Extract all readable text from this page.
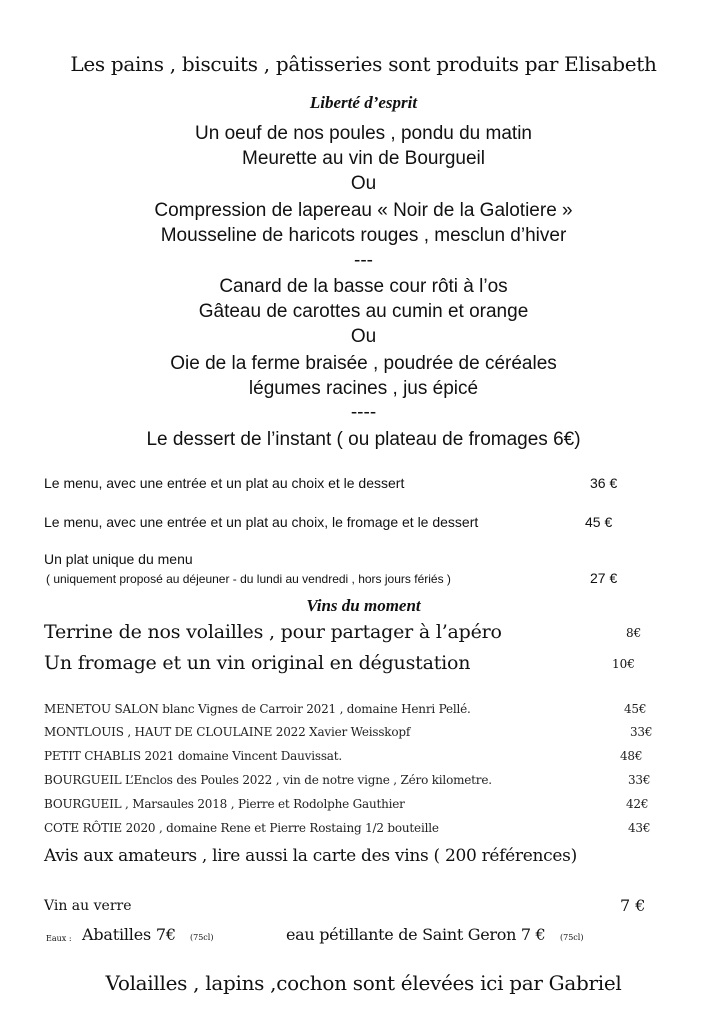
Les pains , biscuits , pâtisseries sont produits par Elisabeth
Liberté d’esprit
Un oeuf de nos poules , pondu du matin
Meurette au vin de Bourgueil
Ou
Compression de lapereau « Noir de la Galotiere »
Mousseline de haricots rouges , mesclun d’hiver
---
Canard de la basse cour rôti à l’os
Gâteau de carottes au cumin et orange
Ou
Oie de la ferme braisée , poudrée de céréales
légumes racines , jus épicé
----
Le dessert de l’instant ( ou plateau de fromages 6€)
Le menu, avec une entrée et un plat au choix et le dessert	36 €
Le menu, avec une entrée et un plat au choix, le fromage et le dessert	45 €
Un plat unique du menu
( uniquement proposé au déjeuner - du lundi au vendredi , hors jours fériés )	27 €
Vins du moment
Terrine de nos volailles , pour partager à l’apéro	8€
Un fromage et un vin original en dégustation	10€
MENETOU SALON blanc Vignes de Carroir 2021 , domaine Henri Pellé.	45€
MONTLOUIS , HAUT DE CLOULAINE 2022 Xavier Weisskopf	33€
PETIT CHABLIS 2021 domaine Vincent Dauvissat.	48€
BOURGUEIL L’Enclos des Poules 2022 , vin de notre vigne , Zéro kilometre.	33€
BOURGUEIL , Marsaules 2018 , Pierre et Rodolphe Gauthier	42€
COTE RÔTIE 2020 , domaine Rene et Pierre Rostaing 1/2 bouteille	43€
Avis aux amateurs , lire aussi la carte des vins ( 200 références)
Vin au verre	7 €
Eaux : Abatilles 7€ (75cl)	eau pétillante de Saint Geron 7 € (75cl)
Volailles , lapins ,cochon sont élevées ici par Gabriel
